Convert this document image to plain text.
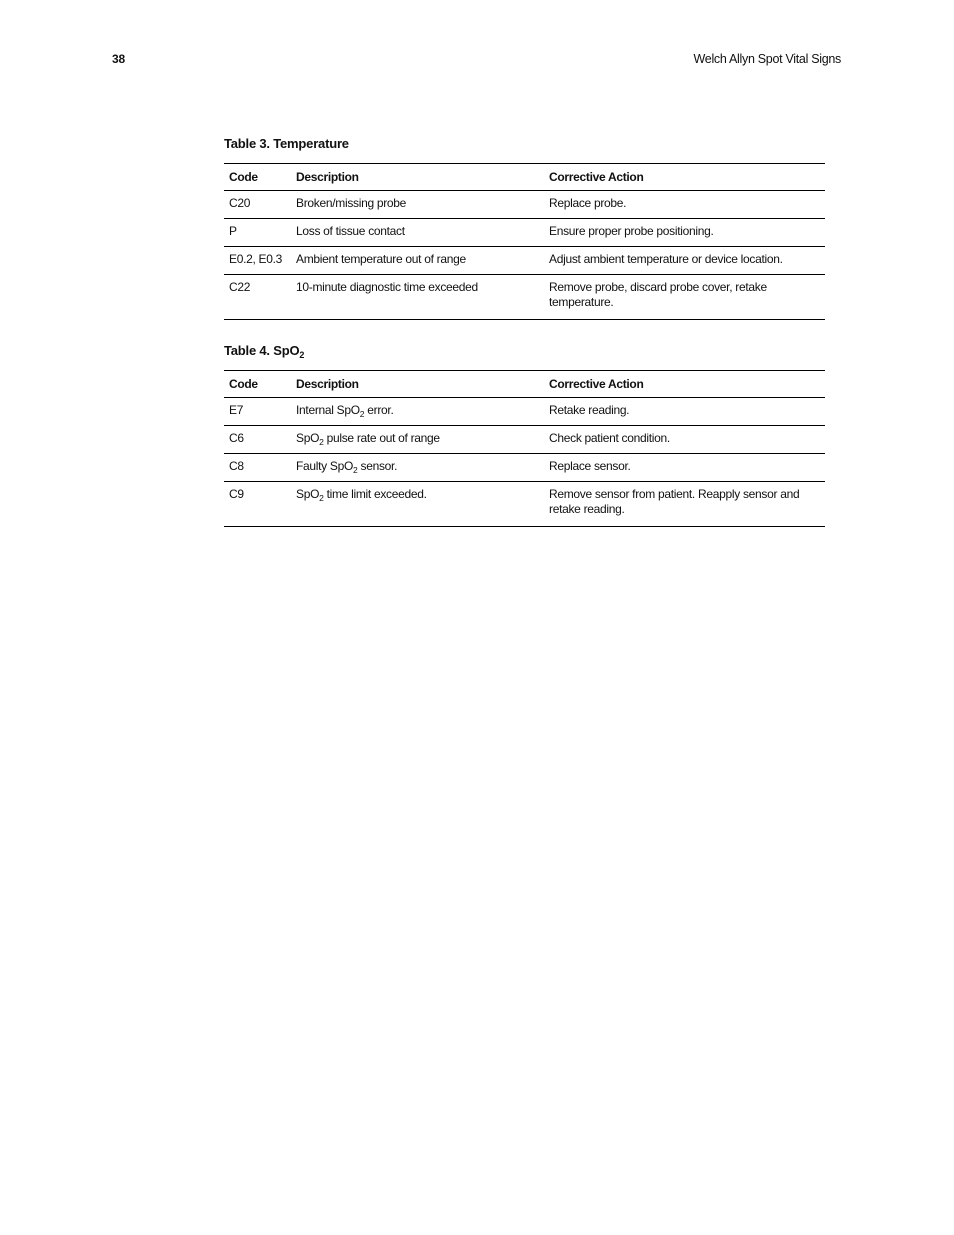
38	Welch Allyn Spot Vital Signs
Table 3. Temperature
Code	Description	Corrective Action
C20	Broken/missing probe	Replace probe.
P	Loss of tissue contact	Ensure proper probe positioning.
E0.2, E0.3	Ambient temperature out of range	Adjust ambient temperature or device location.
C22	10-minute diagnostic time exceeded	Remove probe, discard probe cover, retake temperature.
Table 4. SpO$_2$
Code	Description	Corrective Action
E7	Internal SpO$_2$ error.	Retake reading.
C6	SpO$_2$ pulse rate out of range	Check patient condition.
C8	Faulty SpO$_2$ sensor.	Replace sensor.
C9	SpO$_2$ time limit exceeded.	Remove sensor from patient. Reapply sensor and retake reading.
